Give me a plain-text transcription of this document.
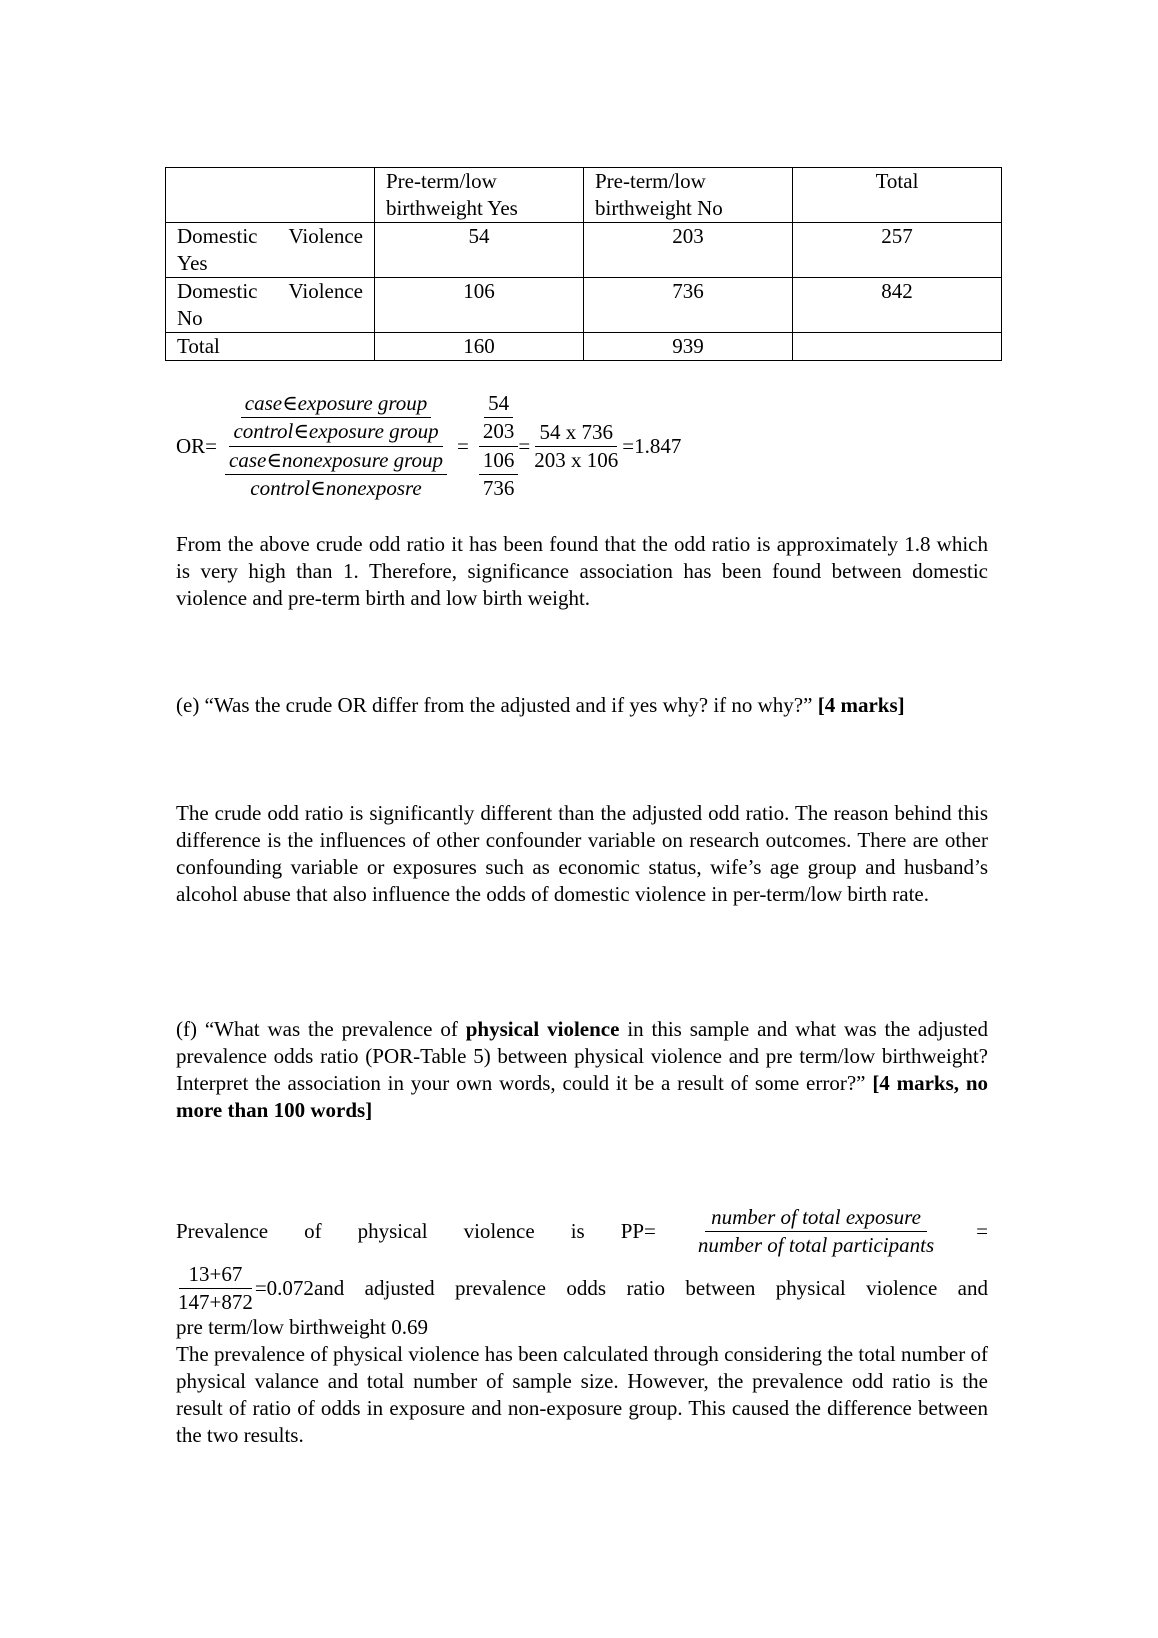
	Pre-term/low birthweight Yes	Pre-term/low birthweight No	Total
Domestic Violence Yes	54	203	257
Domestic Violence No	106	736	842
Total	160	939	
$OR= \frac{\frac{\text{case∈exposure group}}{\text{control∈exposure group}}}{\frac{\text{case∈nonexposure group}}{\text{control∈nonexposre}}} = \frac{\frac{54}{203}}{\frac{106}{736}} = \frac{54 x 736}{203 x 106} =1.847$

From the above crude odd ratio it has been found that the odd ratio is approximately 1.8 which is very high than 1. Therefore, significance association has been found between domestic violence and pre-term birth and low birth weight.

(e) “Was the crude OR differ from the adjusted and if yes why? if no why?” [4 marks]

The crude odd ratio is significantly different than the adjusted odd ratio. The reason behind this difference is the influences of other confounder variable on research outcomes. There are other confounding variable or exposures such as economic status, wife’s age group and husband’s alcohol abuse that also influence the odds of domestic violence in per-term/low birth rate.

(f) “What was the prevalence of physical violence in this sample and what was the adjusted prevalence odds ratio (POR-Table 5) between physical violence and pre term/low birthweight? Interpret the association in your own words, could it be a result of some error?” [4 marks, no more than 100 words]

Prevalence of physical violence is $PP= \frac{\text{number of total exposure}}{\text{number of total participants}}$ =
$\frac{13+67}{147+872} =0.072$ and adjusted prevalence odds ratio between physical violence and

pre term/low birthweight 0.69

The prevalence of physical violence has been calculated through considering the total number of physical valance and total number of sample size. However, the prevalence odd ratio is the result of ratio of odds in exposure and non-exposure group. This caused the difference between the two results.
